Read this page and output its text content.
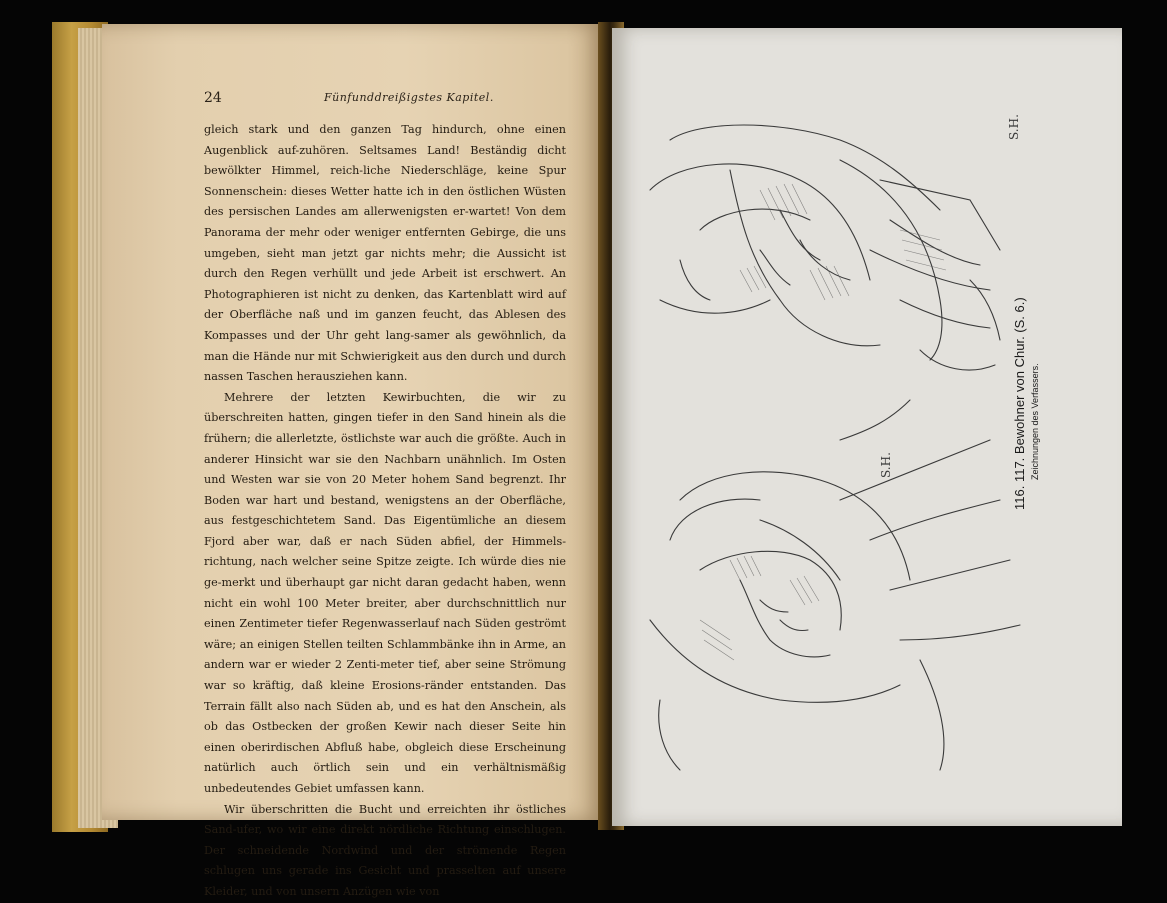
24	Fünfunddreißigstes Kapitel.

gleich stark und den ganzen Tag hindurch, ohne einen Augenblick auf-zuhören. Seltsames Land! Beständig dicht bewölkter Himmel, reich-liche Niederschläge, keine Spur Sonnenschein: dieses Wetter hatte ich in den östlichen Wüsten des persischen Landes am allerwenigsten er-wartet! Von dem Panorama der mehr oder weniger entfernten Gebirge, die uns umgeben, sieht man jetzt gar nichts mehr; die Aussicht ist durch den Regen verhüllt und jede Arbeit ist erschwert. An Photographieren ist nicht zu denken, das Kartenblatt wird auf der Oberfläche naß und im ganzen feucht, das Ablesen des Kompasses und der Uhr geht lang-samer als gewöhnlich, da man die Hände nur mit Schwierigkeit aus den durch und durch nassen Taschen herausziehen kann.

Mehrere der letzten Kewirbuchten, die wir zu überschreiten hatten, gingen tiefer in den Sand hinein als die frühern; die allerletzte, östlichste war auch die größte. Auch in anderer Hinsicht war sie den Nachbarn unähnlich. Im Osten und Westen war sie von 20 Meter hohem Sand begrenzt. Ihr Boden war hart und bestand, wenigstens an der Oberfläche, aus festgeschichtetem Sand. Das Eigentümliche an diesem Fjord aber war, daß er nach Süden abfiel, der Himmels-richtung, nach welcher seine Spitze zeigte. Ich würde dies nie ge-merkt und überhaupt gar nicht daran gedacht haben, wenn nicht ein wohl 100 Meter breiter, aber durchschnittlich nur einen Zentimeter tiefer Regenwasserlauf nach Süden geströmt wäre; an einigen Stellen teilten Schlammbänke ihn in Arme, an andern war er wieder 2 Zenti-meter tief, aber seine Strömung war so kräftig, daß kleine Erosions-ränder entstanden. Das Terrain fällt also nach Süden ab, und es hat den Anschein, als ob das Ostbecken der großen Kewir nach dieser Seite hin einen oberirdischen Abfluß habe, obgleich diese Erscheinung natürlich auch örtlich sein und ein verhältnismäßig unbedeutendes Gebiet umfassen kann.

Wir überschritten die Bucht und erreichten ihr östliches Sand-ufer, wo wir eine direkt nördliche Richtung einschlugen. Der schneidende Nordwind und der strömende Regen schlugen uns gerade ins Gesicht und prasselten auf unsere Kleider, und von unsern Anzügen wie von

S.H.
S.H.	116. 117. Bewohner von Chur. (S. 6.) Zeichnungen des Verfassers.
